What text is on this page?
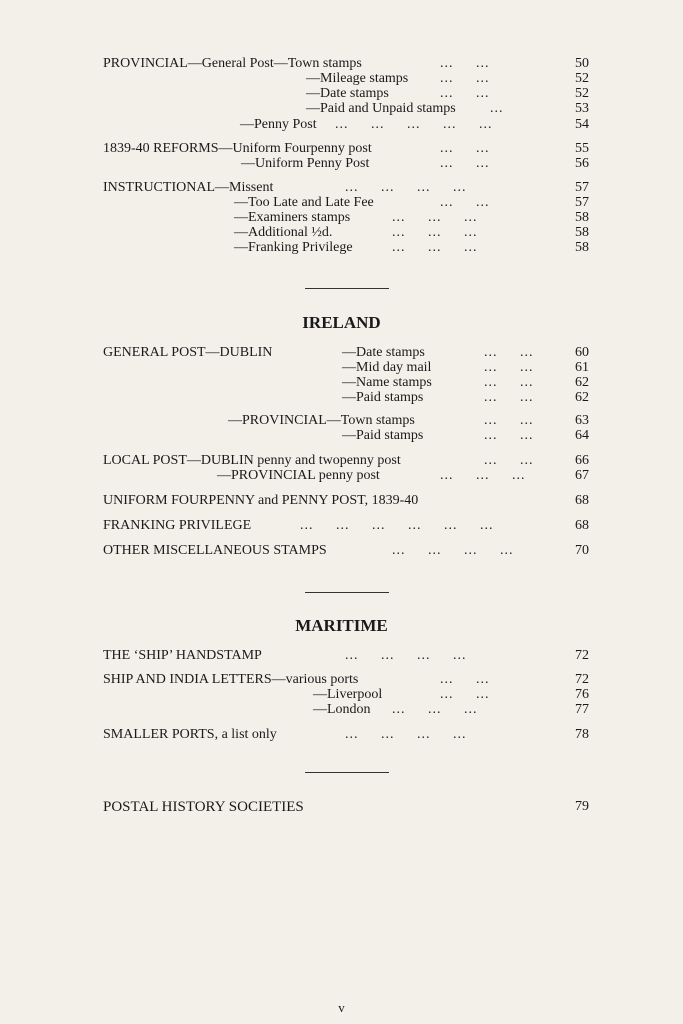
PROVINCIAL—General Post—Town stamps	...     ...	50
—Mileage stamps ...     ...	52
—Date stamps	...     ...	52
—Paid and Unpaid stamps ...	53
—Penny Post ...     ...     ...     ...     ...	54
1839-40 REFORMS—Uniform Fourpenny post	...     ...	55
—Uniform Penny Post	...     ...	56
INSTRUCTIONAL—Missent	...     ...     ...     ...	57
—Too Late and Late Fee	...     ...	57
—Examiners stamps	...     ...     ...	58
—Additional ½d.	...     ...     ...	58
—Franking Privilege	...     ...     ...	58
IRELAND
GENERAL POST—DUBLIN	—Date stamps	...     ...	60
—Mid day mail	...     ...	61
—Name stamps	...     ...	62
—Paid stamps	...     ...	62
—PROVINCIAL—Town stamps	...     ...	63
—Paid stamps	...     ...	64
LOCAL POST—DUBLIN penny and twopenny post	...     ...	66
—PROVINCIAL penny post	...     ...     ...	67
UNIFORM FOURPENNY and PENNY POST, 1839-40	68
FRANKING PRIVILEGE	...     ...     ...     ...     ...     ...	68
OTHER MISCELLANEOUS STAMPS	...     ...     ...     ...	70
MARITIME
THE ‘SHIP’ HANDSTAMP	...     ...     ...     ...	72
SHIP AND INDIA LETTERS—various ports	...     ...	72
—Liverpool	...     ...	76
—London ...     ...     ...	77
SMALLER PORTS, a list only	...     ...     ...     ...	78
POSTAL HISTORY SOCIETIES	79
v
